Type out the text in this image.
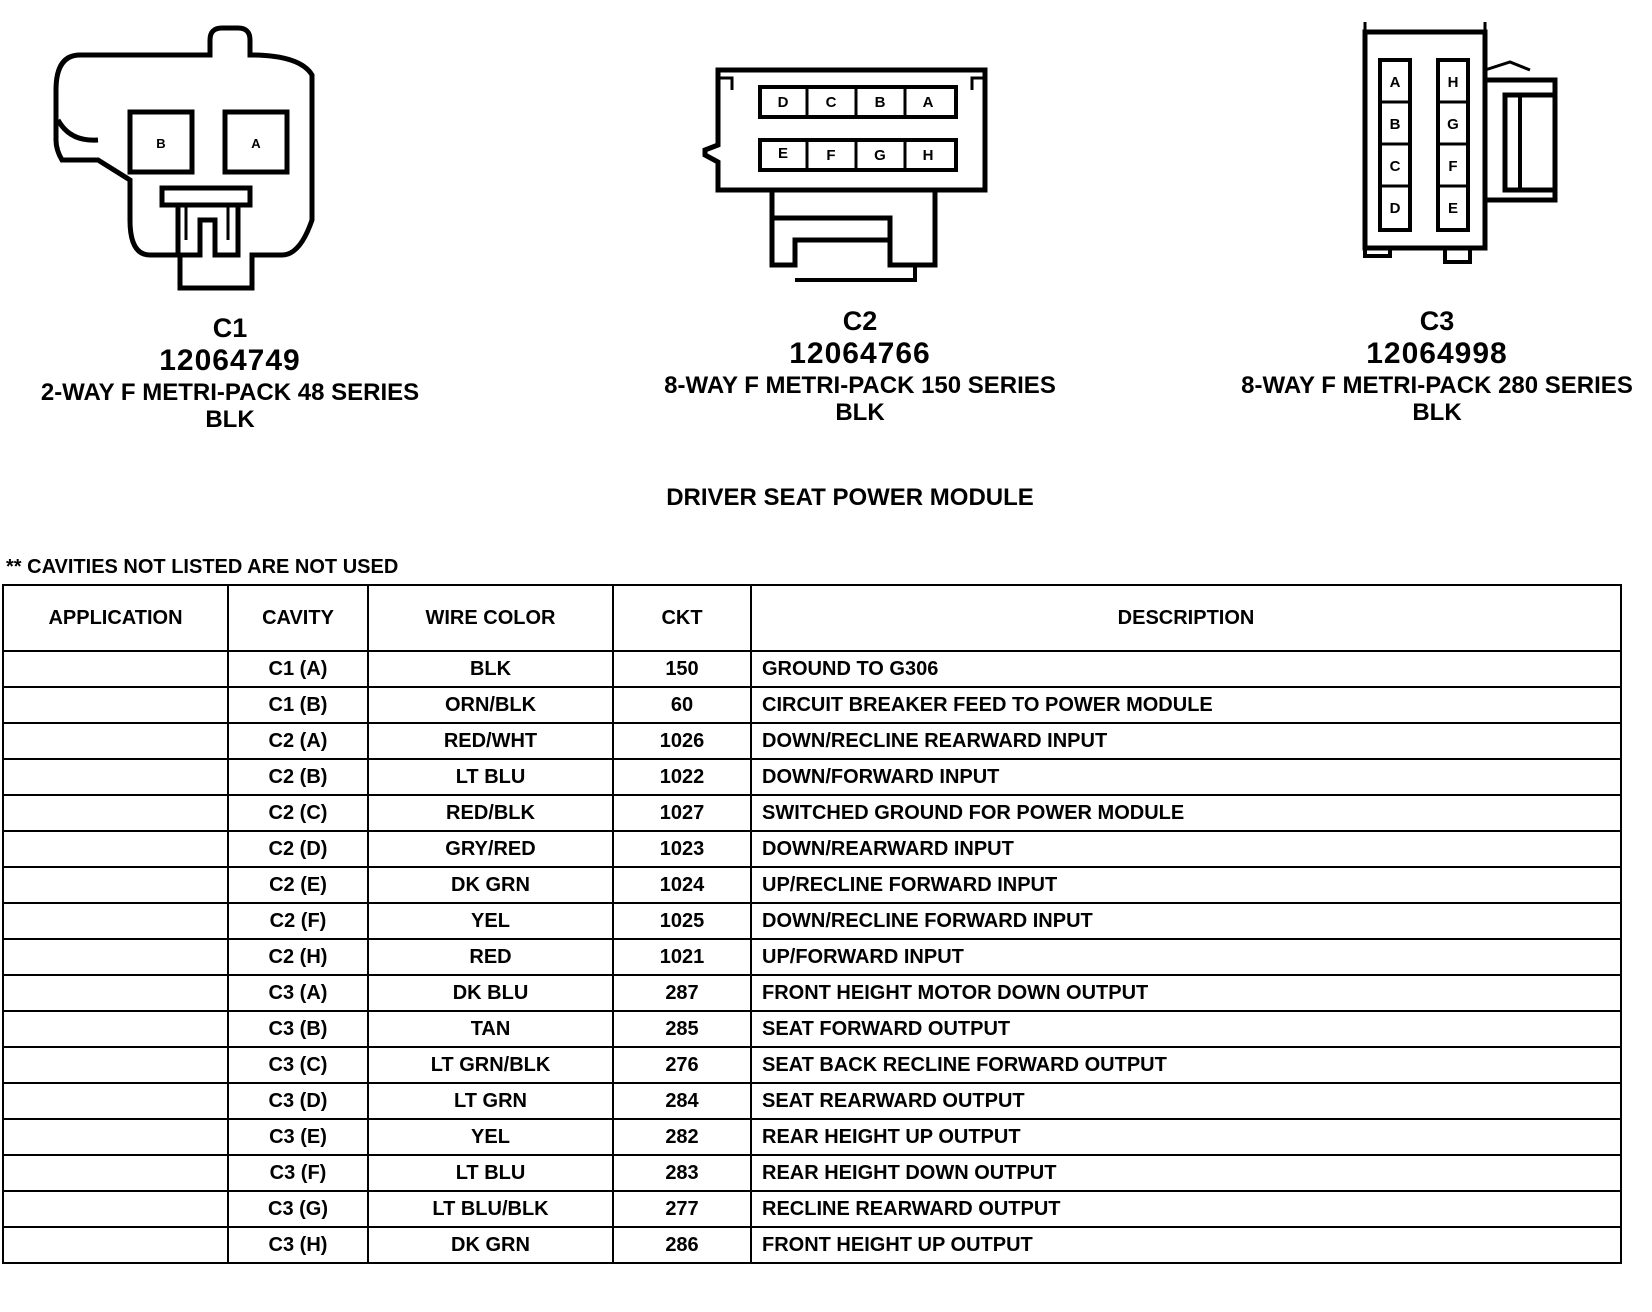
B	A
C1
12064749
2-WAY F METRI-PACK 48 SERIES
BLK
D C	B A
E	F	G H
C2
12064766
8-WAY F METRI-PACK 150 SERIES
BLK
A
B
C
D
H
G
F
E
C3
12064998
8-WAY F METRI-PACK 280 SERIES
BLK
DRIVER SEAT POWER MODULE
** CAVITIES NOT LISTED ARE NOT USED
APPLICATION	CAVITY	WIRE COLOR	CKT	DESCRIPTION
	C1 (A)	BLK	150	GROUND TO G306
	C1 (B)	ORN/BLK	60	CIRCUIT BREAKER FEED TO POWER MODULE
	C2 (A)	RED/WHT	1026	DOWN/RECLINE REARWARD INPUT
	C2 (B)	LT BLU	1022	DOWN/FORWARD INPUT
	C2 (C)	RED/BLK	1027	SWITCHED GROUND FOR POWER MODULE
	C2 (D)	GRY/RED	1023	DOWN/REARWARD INPUT
	C2 (E)	DK GRN	1024	UP/RECLINE FORWARD INPUT
	C2 (F)	YEL	1025	DOWN/RECLINE FORWARD INPUT
	C2 (H)	RED	1021	UP/FORWARD INPUT
	C3 (A)	DK BLU	287	FRONT HEIGHT MOTOR DOWN OUTPUT
	C3 (B)	TAN	285	SEAT FORWARD OUTPUT
	C3 (C)	LT GRN/BLK	276	SEAT BACK RECLINE FORWARD OUTPUT
	C3 (D)	LT GRN	284	SEAT REARWARD OUTPUT
	C3 (E)	YEL	282	REAR HEIGHT UP OUTPUT
	C3 (F)	LT BLU	283	REAR HEIGHT DOWN OUTPUT
	C3 (G)	LT BLU/BLK	277	RECLINE REARWARD OUTPUT
	C3 (H)	DK GRN	286	FRONT HEIGHT UP OUTPUT
